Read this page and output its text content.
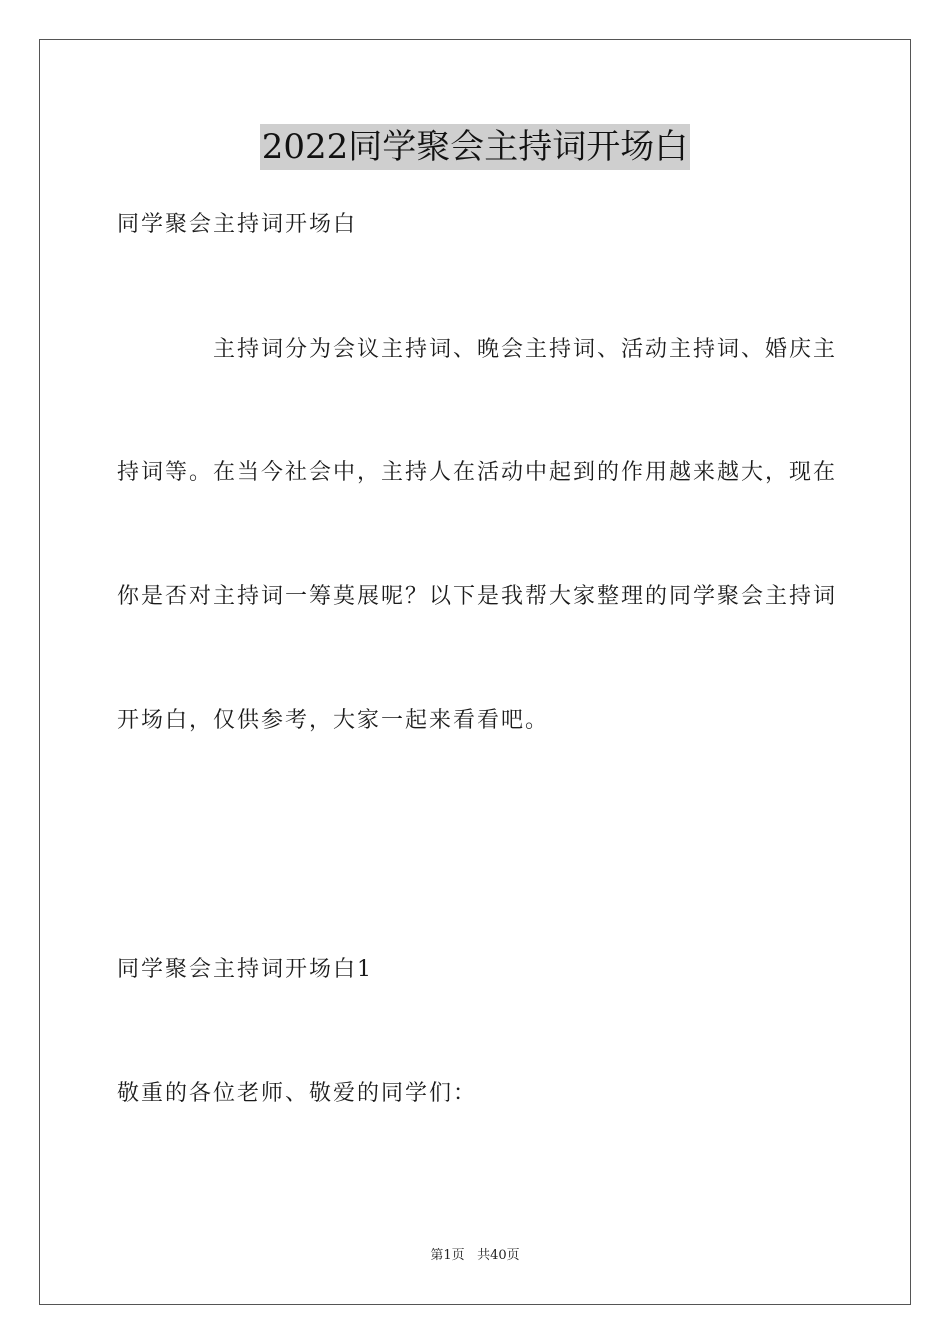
2022同学聚会主持词开场白
同学聚会主持词开场白
主持词分为会议主持词、晚会主持词、活动主持词、婚庆主
持词等。在当今社会中，主持人在活动中起到的作用越来越大，现在
你是否对主持词一筹莫展呢？以下是我帮大家整理的同学聚会主持词
开场白，仅供参考，大家一起来看看吧。
同学聚会主持词开场白1
敬重的各位老师、敬爱的同学们：
第1页 共40页
